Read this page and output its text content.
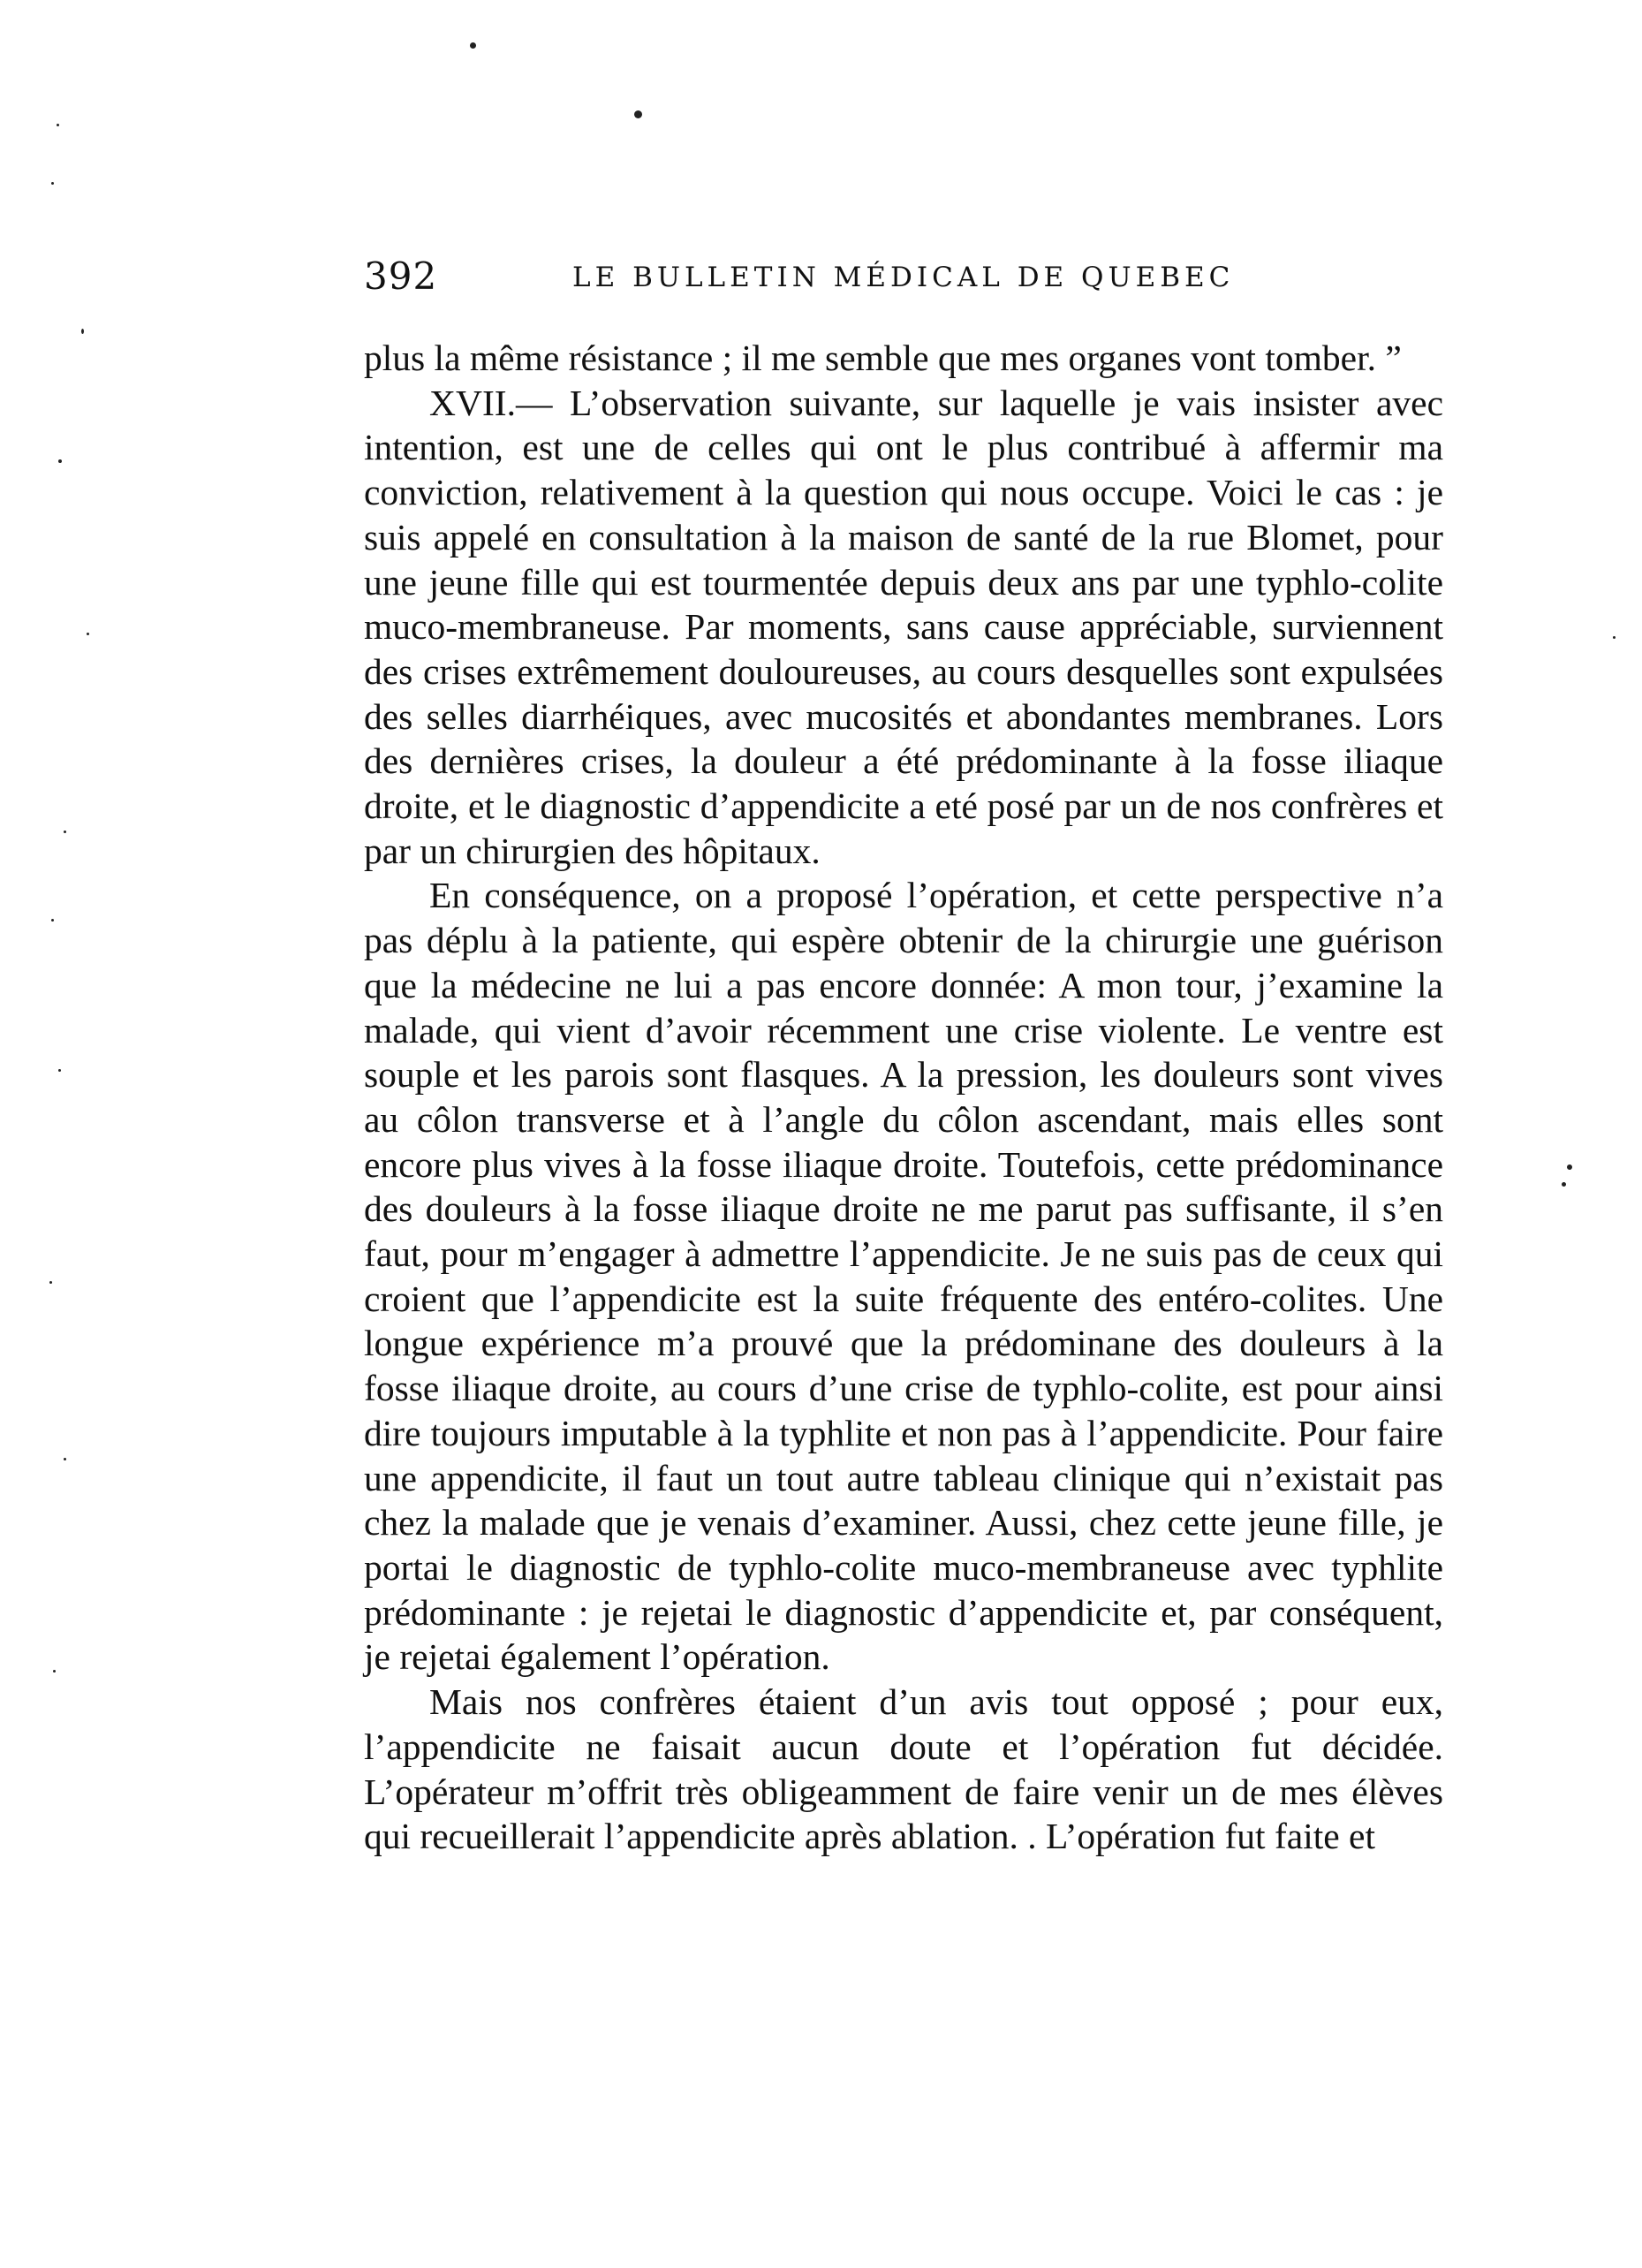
392	LE BULLETIN MÉDICAL DE QUEBEC

plus la même résistance ; il me semble que mes organes vont tomber. ”

XVII.— L’observation suivante, sur laquelle je vais insister avec intention, est une de celles qui ont le plus contribué à affermir ma conviction, relativement à la question qui nous occupe. Voici le cas : je suis appelé en consultation à la maison de santé de la rue Blomet, pour une jeune fille qui est tourmentée depuis deux ans par une typhlo-colite muco-membraneuse. Par moments, sans cause appréciable, surviennent des crises extrêmement douloureuses, au cours desquelles sont expulsées des selles diarrhéiques, avec mucosités et abondantes membranes. Lors des dernières crises, la douleur a été prédominante à la fosse iliaque droite, et le diagnostic d’appendicite a eté posé par un de nos confrères et par un chirurgien des hôpitaux.

En conséquence, on a proposé l’opération, et cette perspective n’a pas déplu à la patiente, qui espère obtenir de la chirurgie une guérison que la médecine ne lui a pas encore donnée: A mon tour, j’examine la malade, qui vient d’avoir récemment une crise violente. Le ventre est souple et les parois sont flasques. A la pression, les douleurs sont vives au côlon transverse et à l’angle du côlon ascendant, mais elles sont encore plus vives à la fosse iliaque droite. Toutefois, cette prédominance des douleurs à la fosse iliaque droite ne me parut pas suffisante, il s’en faut, pour m’engager à admettre l’appendicite. Je ne suis pas de ceux qui croient que l’appendicite est la suite fréquente des entéro-colites. Une longue expérience m’a prouvé que la prédominane des douleurs à la fosse iliaque droite, au cours d’une crise de typhlo-colite, est pour ainsi dire toujours imputable à la typhlite et non pas à l’appendicite. Pour faire une appendicite, il faut un tout autre tableau clinique qui n’existait pas chez la malade que je venais d’examiner. Aussi, chez cette jeune fille, je portai le diagnostic de typhlo-colite muco-membraneuse avec typhlite prédominante : je rejetai le diagnostic d’appendicite et, par conséquent, je rejetai également l’opération.

Mais nos confrères étaient d’un avis tout opposé ; pour eux, l’appendicite ne faisait aucun doute et l’opération fut décidée. L’opérateur m’offrit très obligeamment de faire venir un de mes élèves qui recueillerait l’appendicite après ablation. . L’opération fut faite et
